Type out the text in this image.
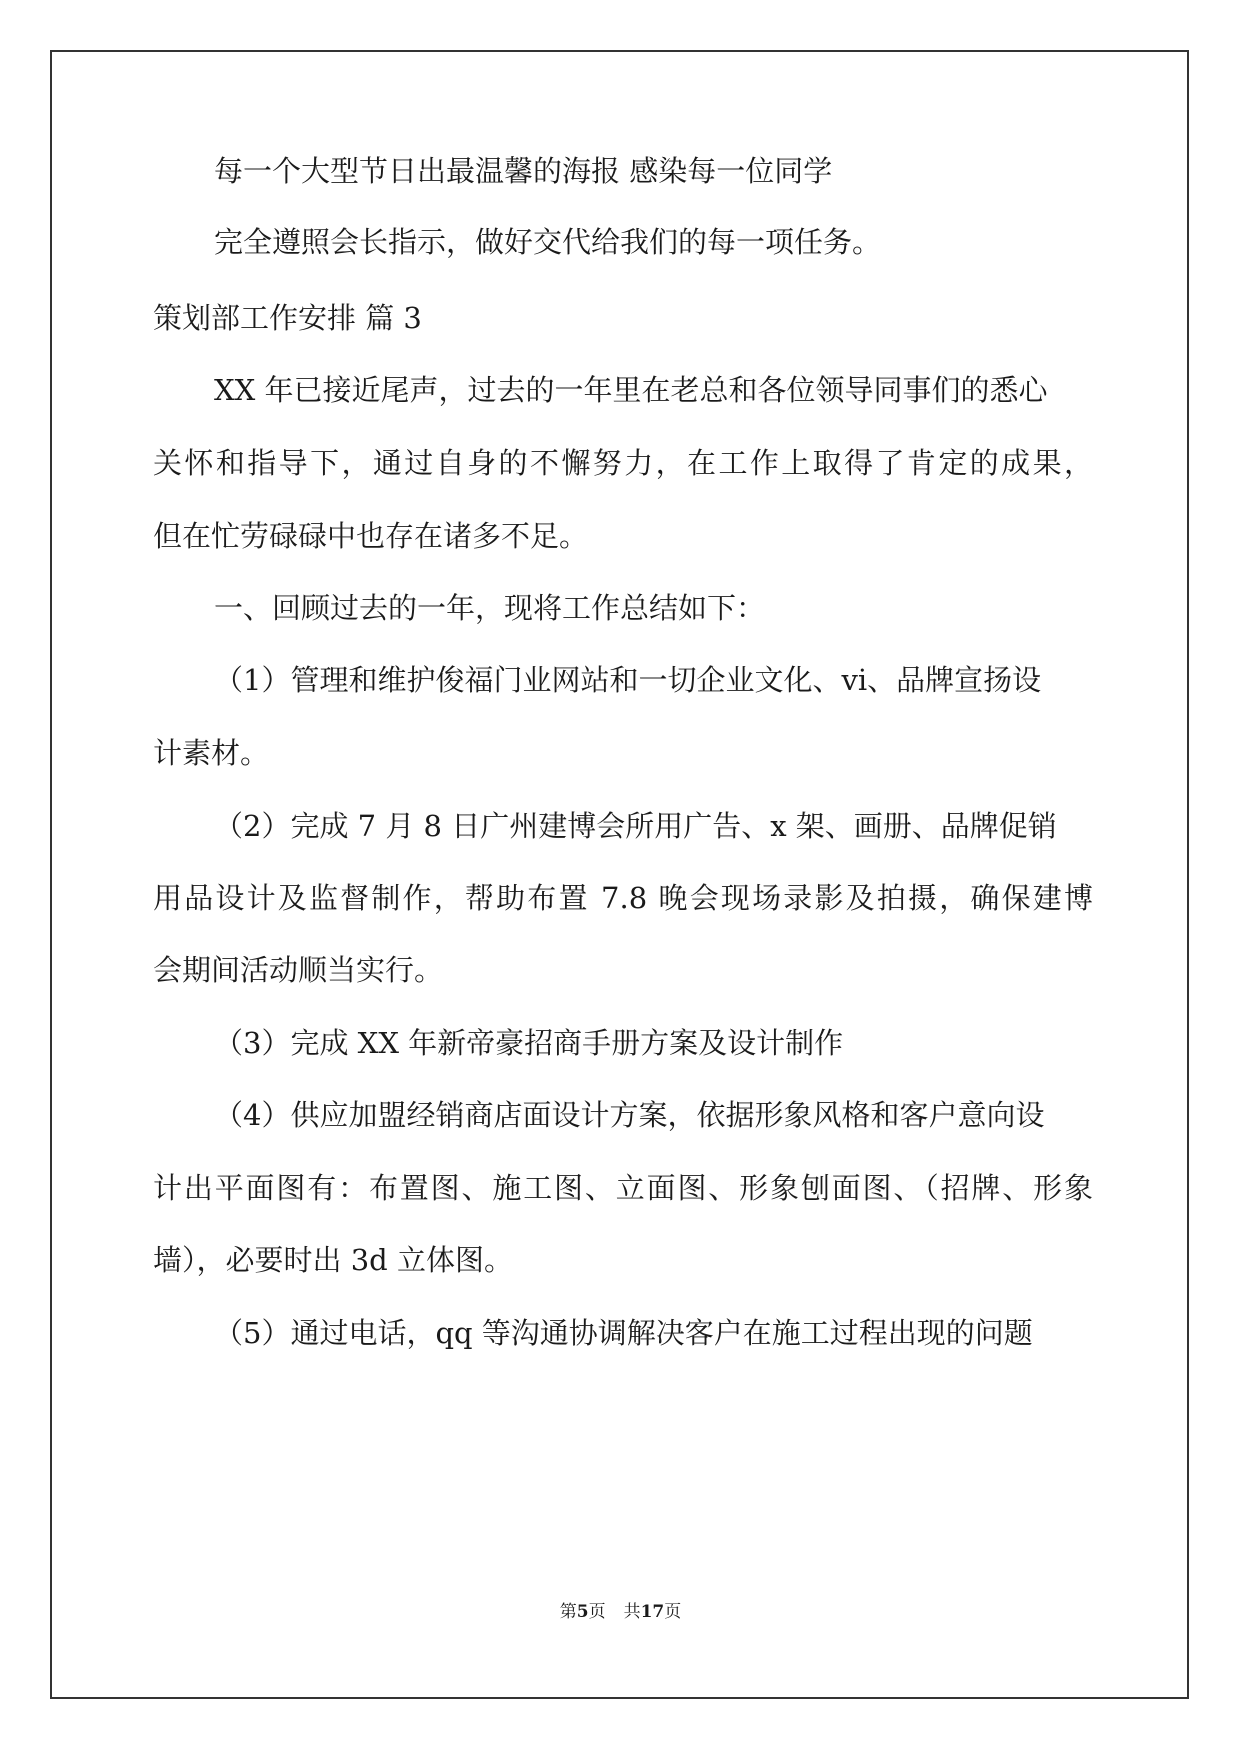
每一个大型节日出最温馨的海报 感染每一位同学
完全遵照会长指示，做好交代给我们的每一项任务。
策划部工作安排 篇 3
XX 年已接近尾声，过去的一年里在老总和各位领导同事们的悉心
关怀和指导下，通过自身的不懈努力，在工作上取得了肯定的成果，
但在忙劳碌碌中也存在诸多不足。
一、回顾过去的一年，现将工作总结如下：
（1）管理和维护俊福门业网站和一切企业文化、vi、品牌宣扬设
计素材。
（2）完成 7 月 8 日广州建博会所用广告、x 架、画册、品牌促销
用品设计及监督制作，帮助布置 7.8 晚会现场录影及拍摄，确保建博
会期间活动顺当实行。
（3）完成 XX 年新帝豪招商手册方案及设计制作
（4）供应加盟经销商店面设计方案，依据形象风格和客户意向设
计出平面图有：布置图、施工图、立面图、形象刨面图、（招牌、形象
墙），必要时出 3d 立体图。
（5）通过电话，qq 等沟通协调解决客户在施工过程出现的问题
第5页 共17页
